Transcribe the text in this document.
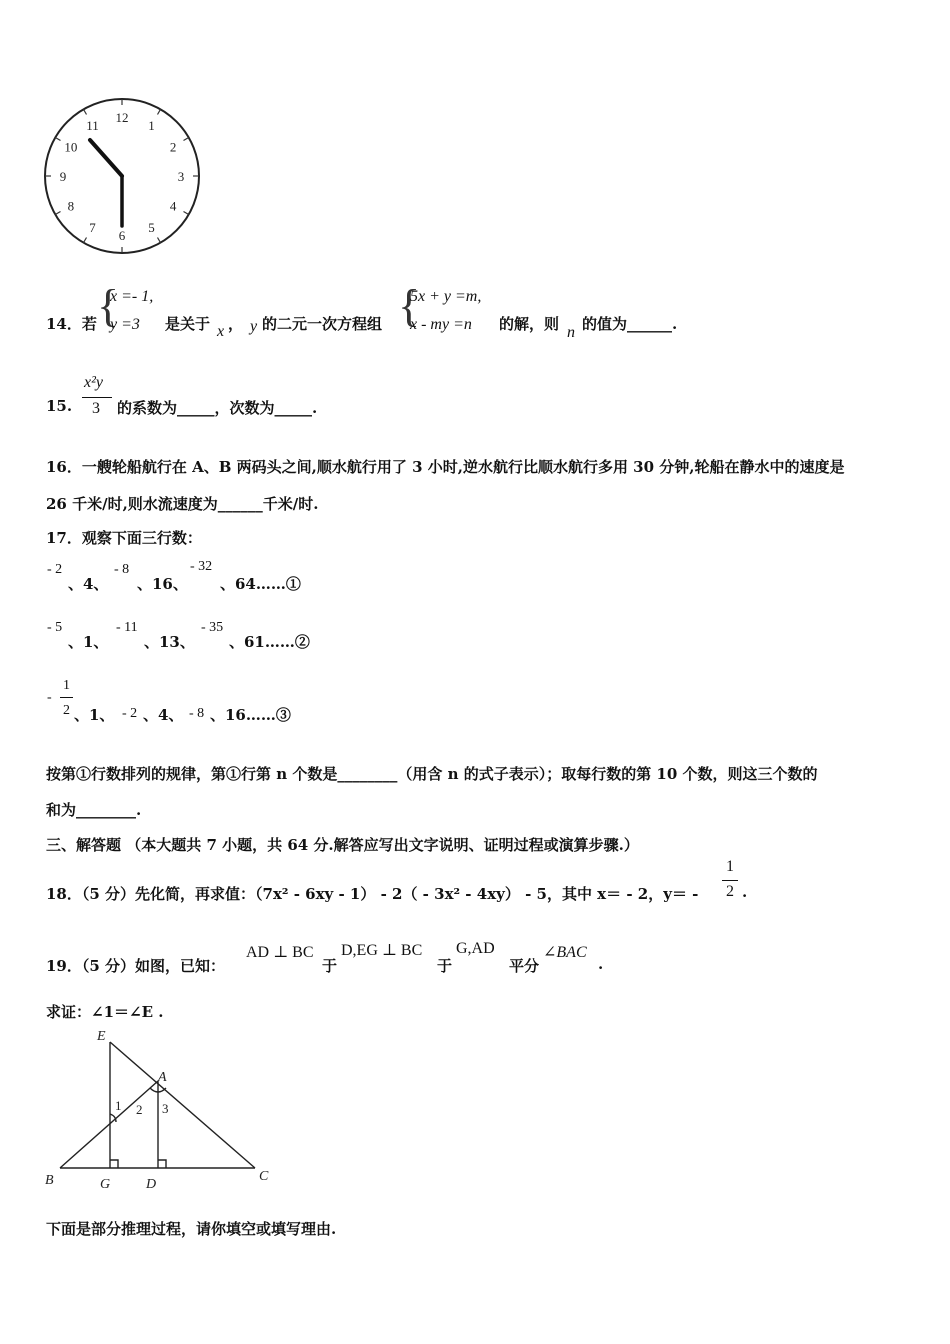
12
1
2
3
4
5
6
7
8
9
10
11
14．若 {
x =- 1,
y =3 是关于 x ， y 的二元一次方程组 {
5x + y =m,
x - my =n 的解，则 n 的值为______.
15.
x²y
3 的系数为_____，次数为_____.
16．一艘轮船航行在 A、B 两码头之间,顺水航行用了 3 小时,逆水航行比顺水航行多用 30 分钟,轮船在静水中的速度是
26 千米/时,则水流速度为______千米/时.
17．观察下面三行数：
- 2
、4、
- 8
、16、
- 32
、64……①
- 5
、1、
- 11
、13、
- 35
、61……②
-
1
2 、1、 - 2 、4、 - 8 、16……③
按第①行数排列的规律，第①行第 n 个数是________（用含 n 的式子表示）；取每行数的第 10 个数，则这三个数的
和为________.
三、解答题 （本大题共 7 小题，共 64 分.解答应写出文字说明、证明过程或演算步骤.）
18．（5 分）先化简，再求值：（7x² - 6xy - 1） - 2（ - 3x² - 4xy） - 5，其中 x＝ - 2，y＝ -
1
2 .
19．（5 分）如图，已知：
AD ⊥ BC
于
D,EG ⊥ BC
于
G,AD
平分
∠BAC
.
求证：∠1＝∠E .
E
A
B	G	D
C
1 2 3
下面是部分推理过程，请你填空或填写理由.
